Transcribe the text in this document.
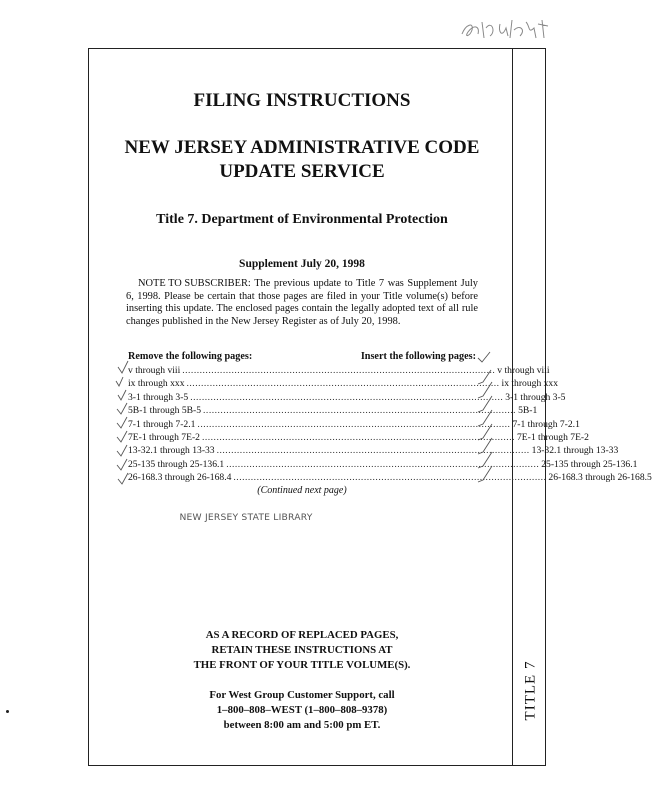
TITLE 7
FILING INSTRUCTIONS
NEW JERSEY ADMINISTRATIVE CODE
UPDATE SERVICE
Title 7. Department of Environmental Protection
Supplement July 20, 1998
NOTE TO SUBSCRIBER: The previous update to Title 7 was Supplement July 6, 1998. Please be certain that those pages are filed in your Title volume(s) before inserting this update. The enclosed pages contain the legally adopted text of all rule changes published in the New Jersey Register as of July 20, 1998.
Remove the following pages:	Insert the following pages:
v through viii ............................................................................................................ v through viii
ix through xxx ............................................................................................................ ix through xxx
3-1 through 3-5 ............................................................................................................ 3-1 through 3-5
5B-1 through 5B-5 ............................................................................................................ 5B-1
7-1 through 7-2.1 ............................................................................................................ 7-1 through 7-2.1
7E-1 through 7E-2 ............................................................................................................ 7E-1 through 7E-2
13-32.1 through 13-33 ............................................................................................................ 13-32.1 through 13-33
25-135 through 25-136.1 ............................................................................................................ 25-135 through 25-136.1
26-168.3 through 26-168.4 ............................................................................................................ 26-168.3 through 26-168.5
(Continued next page)
NEW JERSEY STATE LIBRARY
AS A RECORD OF REPLACED PAGES,
RETAIN THESE INSTRUCTIONS AT
THE FRONT OF YOUR TITLE VOLUME(S).
For West Group Customer Support, call
1–800–808–WEST (1–800–808–9378)
between 8:00 am and 5:00 pm ET.
